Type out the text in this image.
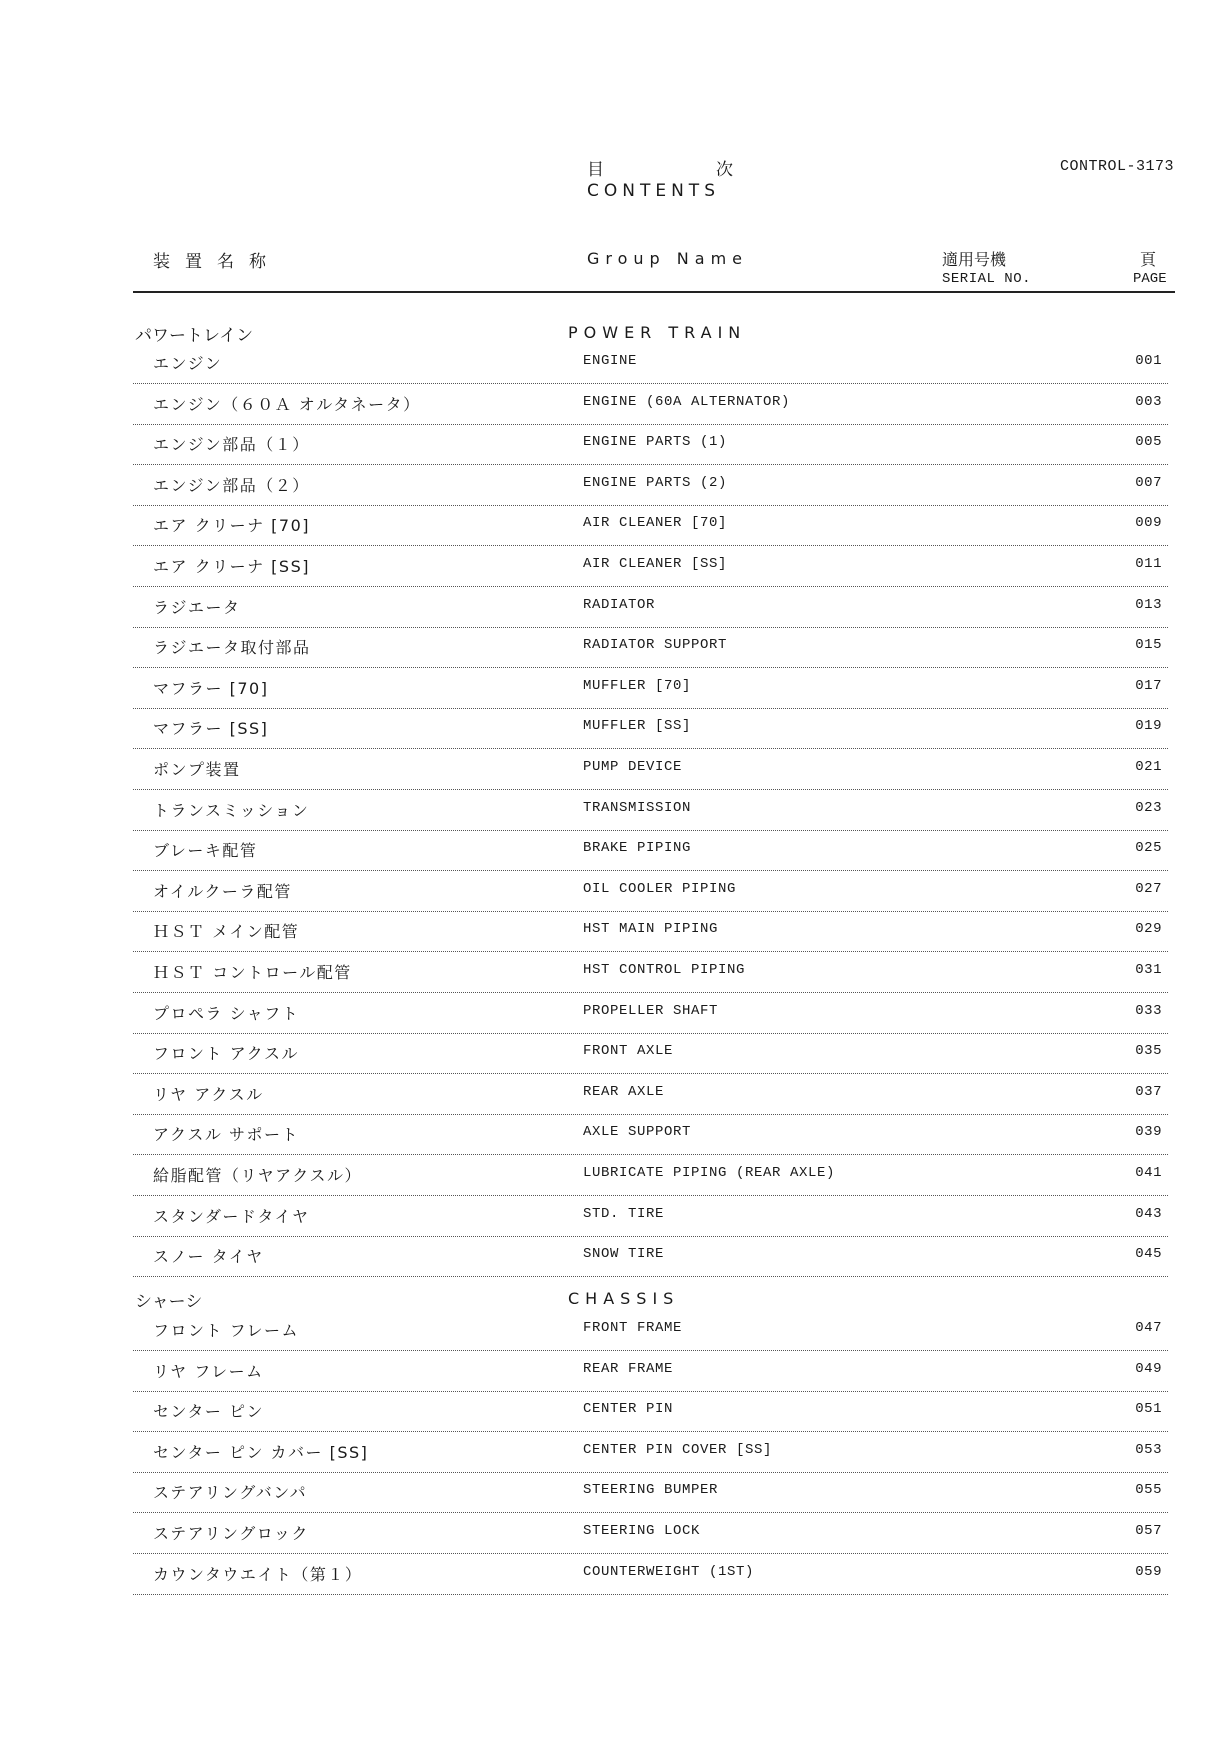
目	次
CONTENTS
CONTROL-3173
装置名称	Group Name	適用号機
SERIAL NO.
頁
PAGE
パワートレイン	POWER TRAIN
エンジン	ENGINE	001
エンジン（６０Ａ オルタネータ）	ENGINE (60A ALTERNATOR)	003
エンジン部品（１）	ENGINE PARTS (1)	005
エンジン部品（２）	ENGINE PARTS (2)	007
エア クリーナ [70]	AIR CLEANER [70]	009
エア クリーナ [SS]	AIR CLEANER [SS]	011
ラジエータ	RADIATOR	013
ラジエータ取付部品	RADIATOR SUPPORT	015
マフラー [70]	MUFFLER [70]	017
マフラー [SS]	MUFFLER [SS]	019
ポンプ装置	PUMP DEVICE	021
トランスミッション	TRANSMISSION	023
ブレーキ配管	BRAKE PIPING	025
オイルクーラ配管	OIL COOLER PIPING	027
ＨＳＴ メイン配管	HST MAIN PIPING	029
ＨＳＴ コントロール配管	HST CONTROL PIPING	031
プロペラ シャフト	PROPELLER SHAFT	033
フロント アクスル	FRONT AXLE	035
リヤ アクスル	REAR AXLE	037
アクスル サポート	AXLE SUPPORT	039
給脂配管（リヤアクスル）	LUBRICATE PIPING (REAR AXLE)	041
スタンダードタイヤ	STD. TIRE	043
スノー タイヤ	SNOW TIRE	045
シャーシ	CHASSIS
フロント フレーム	FRONT FRAME	047
リヤ フレーム	REAR FRAME	049
センター ピン	CENTER PIN	051
センター ピン カバー [SS]	CENTER PIN COVER [SS]	053
ステアリングバンパ	STEERING BUMPER	055
ステアリングロック	STEERING LOCK	057
カウンタウエイト（第１）	COUNTERWEIGHT (1ST)	059
